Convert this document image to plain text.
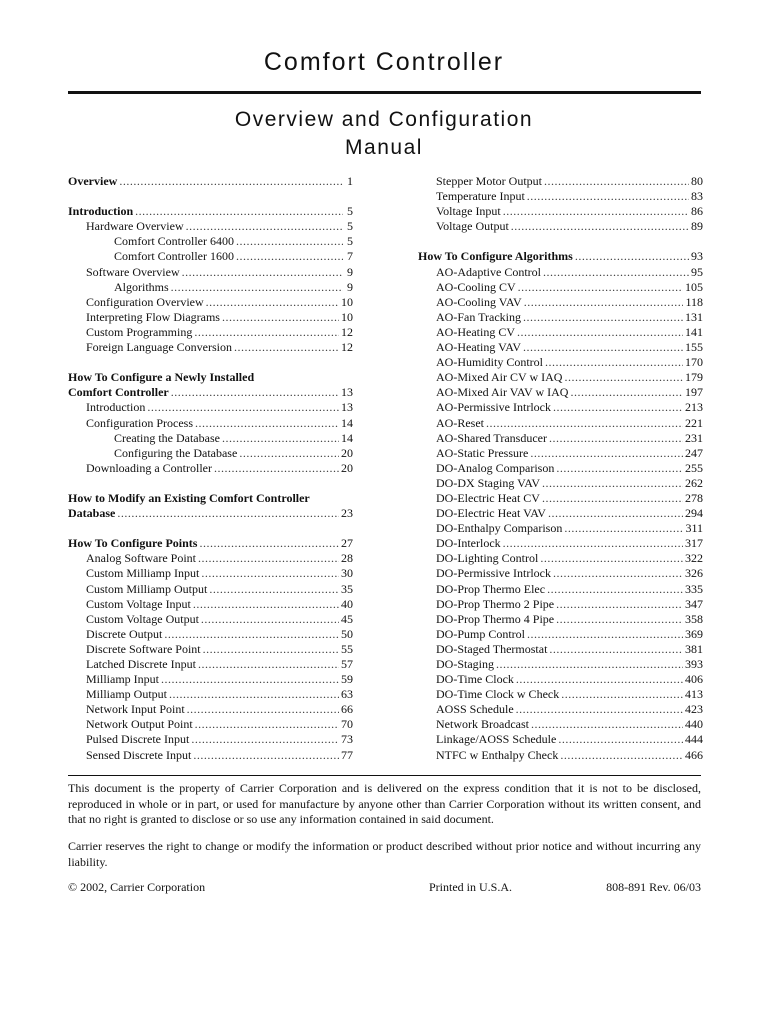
Comfort Controller
Overview and Configuration
Manual
Overview .....	1
Introduction .....	5
Hardware Overview .....	5
Comfort Controller 6400 .....	5
Comfort Controller 1600 .....	7
Software Overview .....	9
Algorithms .....	9
Configuration Overview .....	10
Interpreting Flow Diagrams .....	10
Custom Programming .....	12
Foreign Language Conversion .....	12
How To Configure a Newly Installed
Comfort Controller .....	13
Introduction .....	13
Configuration Process .....	14
Creating the Database .....	14
Configuring the Database .....	20
Downloading a Controller .....	20
How to Modify an Existing Comfort Controller
Database .....	23
How To Configure Points .....	27
Analog Software Point .....	28
Custom Milliamp Input .....	30
Custom Milliamp Output .....	35
Custom Voltage Input .....	40
Custom Voltage Output .....	45
Discrete Output .....	50
Discrete Software Point .....	55
Latched Discrete Input .....	57
Milliamp Input .....	59
Milliamp Output .....	63
Network Input Point .....	66
Network Output Point .....	70
Pulsed Discrete Input .....	73
Sensed Discrete Input .....	77
Stepper Motor Output .....	80
Temperature Input .....	83
Voltage Input .....	86
Voltage Output .....	89
How To Configure Algorithms .....	93
AO-Adaptive Control .....	95
AO-Cooling CV .....	105
AO-Cooling VAV .....	118
AO-Fan Tracking .....	131
AO-Heating CV .....	141
AO-Heating VAV .....	155
AO-Humidity Control .....	170
AO-Mixed Air CV w IAQ .....	179
AO-Mixed Air VAV w IAQ .....	197
AO-Permissive Intrlock .....	213
AO-Reset .....	221
AO-Shared Transducer .....	231
AO-Static Pressure .....	247
DO-Analog Comparison .....	255
DO-DX Staging VAV .....	262
DO-Electric Heat CV .....	278
DO-Electric Heat VAV .....	294
DO-Enthalpy Comparison .....	311
DO-Interlock .....	317
DO-Lighting Control .....	322
DO-Permissive Intrlock .....	326
DO-Prop Thermo Elec .....	335
DO-Prop Thermo 2 Pipe .....	347
DO-Prop Thermo 4 Pipe .....	358
DO-Pump Control .....	369
DO-Staged Thermostat .....	381
DO-Staging .....	393
DO-Time Clock .....	406
DO-Time Clock w Check .....	413
AOSS Schedule .....	423
Network Broadcast .....	440
Linkage/AOSS Schedule .....	444
NTFC w Enthalpy Check .....	466
This document is the property of Carrier Corporation and is delivered on the express condition that it is not to be disclosed, reproduced in whole or in part, or used for manufacture by anyone other than Carrier Corporation without its written consent, and that no right is granted to disclose or so use any information contained in said document.
Carrier reserves the right to change or modify the information or product described without prior notice and without incurring any liability.
© 2002, Carrier Corporation	Printed in U.S.A.	808-891 Rev. 06/03
